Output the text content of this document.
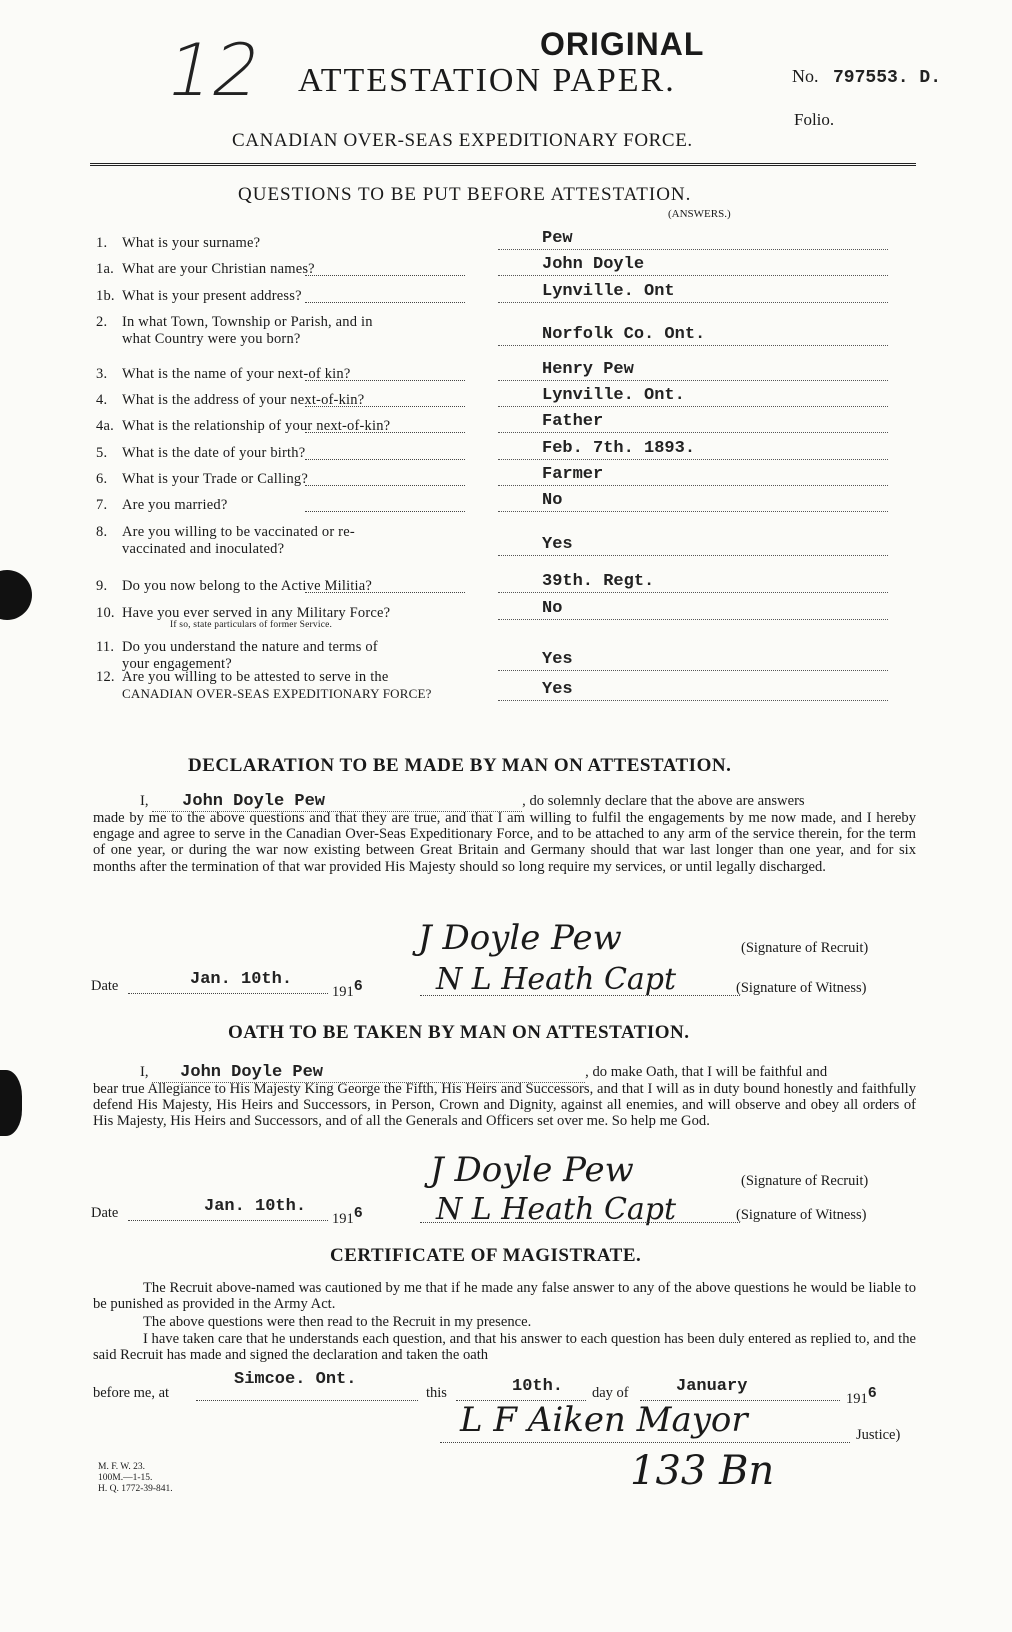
12	ORIGINAL
ATTESTATION PAPER.	No. 797553. D.
Folio.
CANADIAN OVER-SEAS EXPEDITIONARY FORCE.
QUESTIONS TO BE PUT BEFORE ATTESTATION.
(ANSWERS.)
1. What is your surname?	Pew
1a. What are your Christian names?	John Doyle
1b. What is your present address?	Lynville. Ont
2. In what Town, Township or Parish, and in
what Country were you born?	Norfolk Co. Ont.
3. What is the name of your next-of kin?	Henry Pew
4. What is the address of your next-of-kin?	Lynville. Ont.
4a. What is the relationship of your next-of-kin?	Father
5. What is the date of your birth?	Feb. 7th. 1893.
6. What is your Trade or Calling?	Farmer
7. Are you married?	No
8. Are you willing to be vaccinated or re-
vaccinated and inoculated?	Yes
9. Do you now belong to the Active Militia?	39th. Regt.
10. Have you ever served in any Military Force?
If so, state particulars of former Service.
No
11. Do you understand the nature and terms of
your engagement?	Yes
12. Are you willing to be attested to serve in the
CANADIAN OVER-SEAS EXPEDITIONARY FORCE?	Yes
DECLARATION TO BE MADE BY MAN ON ATTESTATION.
I, John Doyle Pew	, do solemnly declare that the above are answers
made by me to the above questions and that they are true, and that I am willing to fulfil the engagements by me now made, and I hereby engage and agree to serve in the Canadian Over-Seas Expeditionary Force, and to be attached to any arm of the service therein, for the term of one year, or during the war now existing between Great Britain and Germany should that war last longer than one year, and for six months after the termination of that war provided His Majesty should so long require my services, or until legally discharged.
J Doyle Pew	(Signature of Recruit)
Date	Jan. 10th.
$191^6$ N L Heath Capt	(Signature of Witness)
OATH TO BE TAKEN BY MAN ON ATTESTATION.
I, John Doyle Pew	, do make Oath, that I will be faithful and
bear true Allegiance to His Majesty King George the Fifth, His Heirs and Successors, and that I will as in duty bound honestly and faithfully defend His Majesty, His Heirs and Successors, in Person, Crown and Dignity, against all enemies, and will observe and obey all orders of His Majesty, His Heirs and Successors, and of all the Generals and Officers set over me. So help me God.
J Doyle Pew	(Signature of Recruit)
Date	Jan. 10th.
$191^6$ N L Heath Capt	(Signature of Witness)
CERTIFICATE OF MAGISTRATE.
The Recruit above-named was cautioned by me that if he made any false answer to any of the above questions he would be liable to be punished as provided in the Army Act.
The above questions were then read to the Recruit in my presence.
I have taken care that he understands each question, and that his answer to each question has been duly entered as replied to, and the said Recruit has made and signed the declaration and taken the oath
before me, at
Simcoe. Ont.
this	10th. day of	January
$191^6$
L F Aiken Mayor	Justice)
133 Bn
M. F. W. 23.
100M.—1-15.
H. Q. 1772-39-841.
